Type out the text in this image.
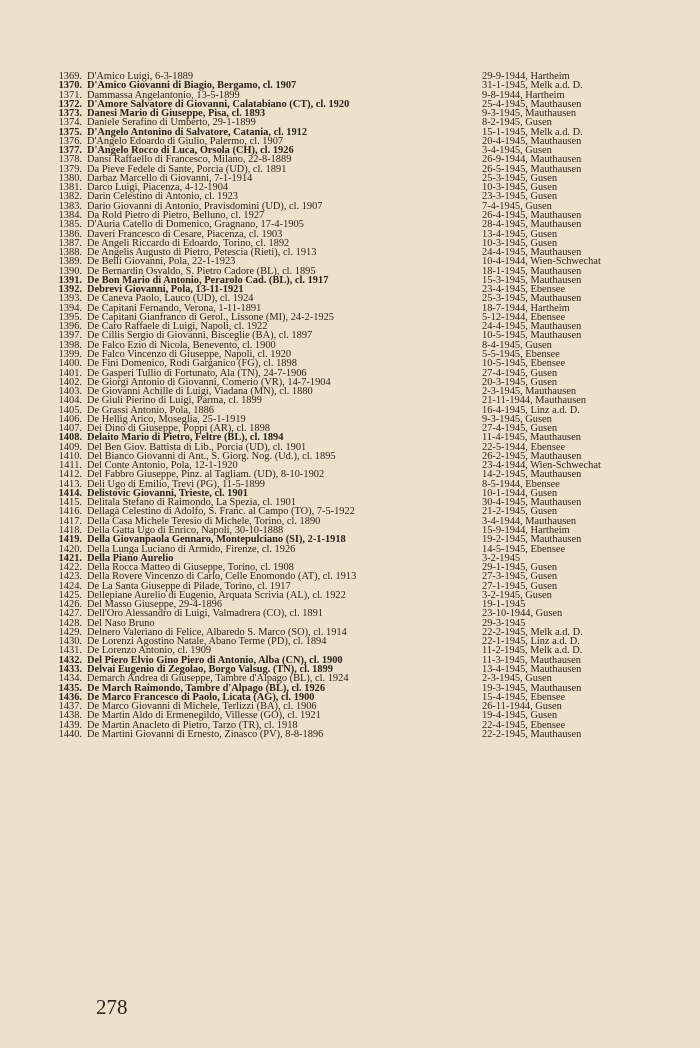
1369. D'Amico Luigi, 6-3-1889	29-9-1944, Hartheim
1370. D'Amico Giovanni di Biagio, Bergamo, cl. 1907	31-1-1945, Melk a.d. D.
1371. Dammassa Angelantonio, 13-5-1899	9-8-1944, Hartheim
1372. D'Amore Salvatore di Giovanni, Calatabiano (CT), cl. 1920	25-4-1945, Mauthausen
1373. Danesi Mario di Giuseppe, Pisa, cl. 1893	9-3-1945, Mauthausen
1374. Daniele Serafino di Umberto, 29-1-1899	8-2-1945, Gusen
1375. D'Angelo Antonino di Salvatore, Catania, cl. 1912	15-1-1945, Melk a.d. D.
1376. D'Angelo Edoardo di Giulio, Palermo, cl. 1907	20-4-1945, Mauthausen
1377. D'Angelo Rocco di Luca, Orsola (CH), cl. 1926	3-4-1945, Gusen
1378. Dansi Raffaello di Francesco, Milano, 22-8-1889	26-9-1944, Mauthausen
1379. Da Pieve Fedele di Sante, Porcia (UD), cl. 1891	26-5-1945, Mauthausen
1380. Darbaz Marcello di Giovanni, 7-1-1914	25-3-1945, Gusen
1381. Darco Luigi, Piacenza, 4-12-1904	10-3-1945, Gusen
1382. Darin Celestino di Antonio, cl. 1923	23-3-1945, Gusen
1383. Dario Giovanni di Antonio, Pravisdomini (UD), cl. 1907	7-4-1945, Gusen
1384. Da Rold Pietro di Pietro, Belluno, cl. 1927	26-4-1945, Mauthausen
1385. D'Auria Catello di Domenico, Gragnano, 17-4-1905	28-4-1945, Mauthausen
1386. Daveri Francesco di Cesare, Piacenza, cl. 1903	13-4-1945, Gusen
1387. De Angeli Riccardo di Edoardo, Torino, cl. 1892	10-3-1945, Gusen
1388. De Angelis Augusto di Pietro, Petescia (Rieti), cl. 1913	24-4-1945, Mauthausen
1389. De Belli Giovanni, Pola, 22-1-1923	10-4-1944, Wien-Schwechat
1390. De Bernardin Osvaldo, S. Pietro Cadore (BL), cl. 1895	18-1-1945, Mauthausen
1391. De Bon Mario di Antonio, Perarolo Cad. (BL), cl. 1917	15-3-1945, Mauthausen
1392. Debrevi Giovanni, Pola, 13-11-1921	23-4-1945, Ebensee
1393. De Caneva Paolo, Lauco (UD), cl. 1924	25-3-1945, Mauthausen
1394. De Capitani Fernando, Verona, 1-11-1891	18-7-1944, Hartheim
1395. De Capitani Gianfranco di Gerol., Lissone (MI), 24-2-1925	5-12-1944, Ebensee
1396. De Caro Raffaele di Luigi, Napoli, cl. 1922	24-4-1945, Mauthausen
1397. De Cillis Sergio di Giovanni, Bisceglie (BA), cl. 1897	10-5-1945, Mauthausen
1398. De Falco Ezio di Nicola, Benevento, cl. 1900	8-4-1945, Gusen
1399. De Falco Vincenzo di Giuseppe, Napoli, cl. 1920	5-5-1945, Ebensee
1400. De Fini Domenico, Rodi Garganico (FG), cl. 1898	10-5-1945, Ebensee
1401. De Gasperi Tullio di Fortunato, Ala (TN), 24-7-1906	27-4-1945, Gusen
1402. De Giorgi Antonio di Giovanni, Comerio (VR), 14-7-1904	20-3-1945, Gusen
1403. De Giovanni Achille di Luigi, Viadana (MN), cl. 1880	2-3-1945, Mauthausen
1404. De Giuli Pierino di Luigi, Parma, cl. 1899	21-11-1944, Mauthausen
1405. De Grassi Antonio, Pola, 1886	16-4-1945, Linz a.d. D.
1406. De Hellig Arico, Moseglia, 25-1-1919	9-3-1945, Gusen
1407. Dei Dino di Giuseppe, Poppi (AR), cl. 1898	27-4-1945, Gusen
1408. Delaito Mario di Pietro, Feltre (BL), cl. 1894	11-4-1945, Mauthausen
1409. Del Ben Giov. Battista di Lib., Porcia (UD), cl. 1901	22-5-1944, Ebensee
1410. Del Bianco Giovanni di Ant., S. Giorg. Nog. (Ud.), cl. 1895	26-2-1945, Mauthausen
1411. Del Conte Antonio, Pola, 12-1-1920	23-4-1944, Wien-Schwechat
1412. Del Fabbro Giuseppe, Pinz. al Tagliam. (UD), 8-10-1902	14-2-1945, Mauthausen
1413. Deli Ugo di Emilio, Trevi (PG), 11-5-1899	8-5-1944, Ebensee
1414. Delistovic Giovanni, Trieste, cl. 1901	10-1-1944, Gusen
1415. Delitala Stefano di Raimondo, La Spezia, cl. 1901	30-4-1945, Mauthausen
1416. Dellagà Celestino di Adolfo, S. Franc. al Campo (TO), 7-5-1922	21-2-1945, Gusen
1417. Della Casa Michele Teresio di Michele, Torino, cl. 1890	3-4-1944, Mauthausen
1418. Della Gatta Ugo di Enrico, Napoli, 30-10-1888	15-9-1944, Hartheim
1419. Della Giovanpaola Gennaro, Montepulciano (SI), 2-1-1918	19-2-1945, Mauthausen
1420. Della Lunga Luciano di Armido, Firenze, cl. 1926	14-5-1945, Ebensee
1421. Della Piano Aurelio	3-2-1945
1422. Della Rocca Matteo di Giuseppe, Torino, cl. 1908	29-1-1945, Gusen
1423. Della Rovere Vincenzo di Carlo, Celle Enomondo (AT), cl. 1913	27-3-1945, Gusen
1424. De La Santa Giuseppe di Pilade, Torino, cl. 1917	27-1-1945, Gusen
1425. Dellepiane Aurelio di Eugenio, Arquata Scrivia (AL), cl. 1922	3-2-1945, Gusen
1426. Del Masso Giuseppe, 29-4-1896	19-1-1945
1427. Dell'Oro Alessandro di Luigi, Valmadrera (CO), cl. 1891	23-10-1944, Gusen
1428. Del Naso Bruno	29-3-1945
1429. Delnero Valeriano di Felice, Albaredo S. Marco (SO), cl. 1914	22-2-1945, Melk a.d. D.
1430. De Lorenzi Agostino Natale, Abano Terme (PD), cl. 1894	22-1-1945, Linz a.d. D.
1431. De Lorenzo Antonio, cl. 1909	11-2-1945, Melk a.d. D.
1432. Del Piero Elvio Gino Piero di Antonio, Alba (CN), cl. 1900	11-3-1945, Mauthausen
1433. Delvai Eugenio di Zegolao, Borgo Valsug. (TN), cl. 1899	13-4-1945, Mauthausen
1434. Demarch Andrea di Giuseppe, Tambre d'Alpago (BL), cl. 1924	2-3-1945, Gusen
1435. De March Raimondo, Tambre d'Alpago (BL), cl. 1926	19-3-1945, Mauthausen
1436. De Marco Francesco di Paolo, Licata (AG), cl. 1900	15-4-1945, Ebensee
1437. De Marco Giovanni di Michele, Terlizzi (BA), cl. 1906	26-11-1944, Gusen
1438. De Martin Aldo di Ermenegildo, Villesse (GO), cl. 1921	19-4-1945, Gusen
1439. De Martin Anacleto di Pietro, Tarzo (TR), cl. 1918	22-4-1945, Ebensee
1440. De Martini Giovanni di Ernesto, Zinasco (PV), 8-8-1896	22-2-1945, Mauthausen
278
